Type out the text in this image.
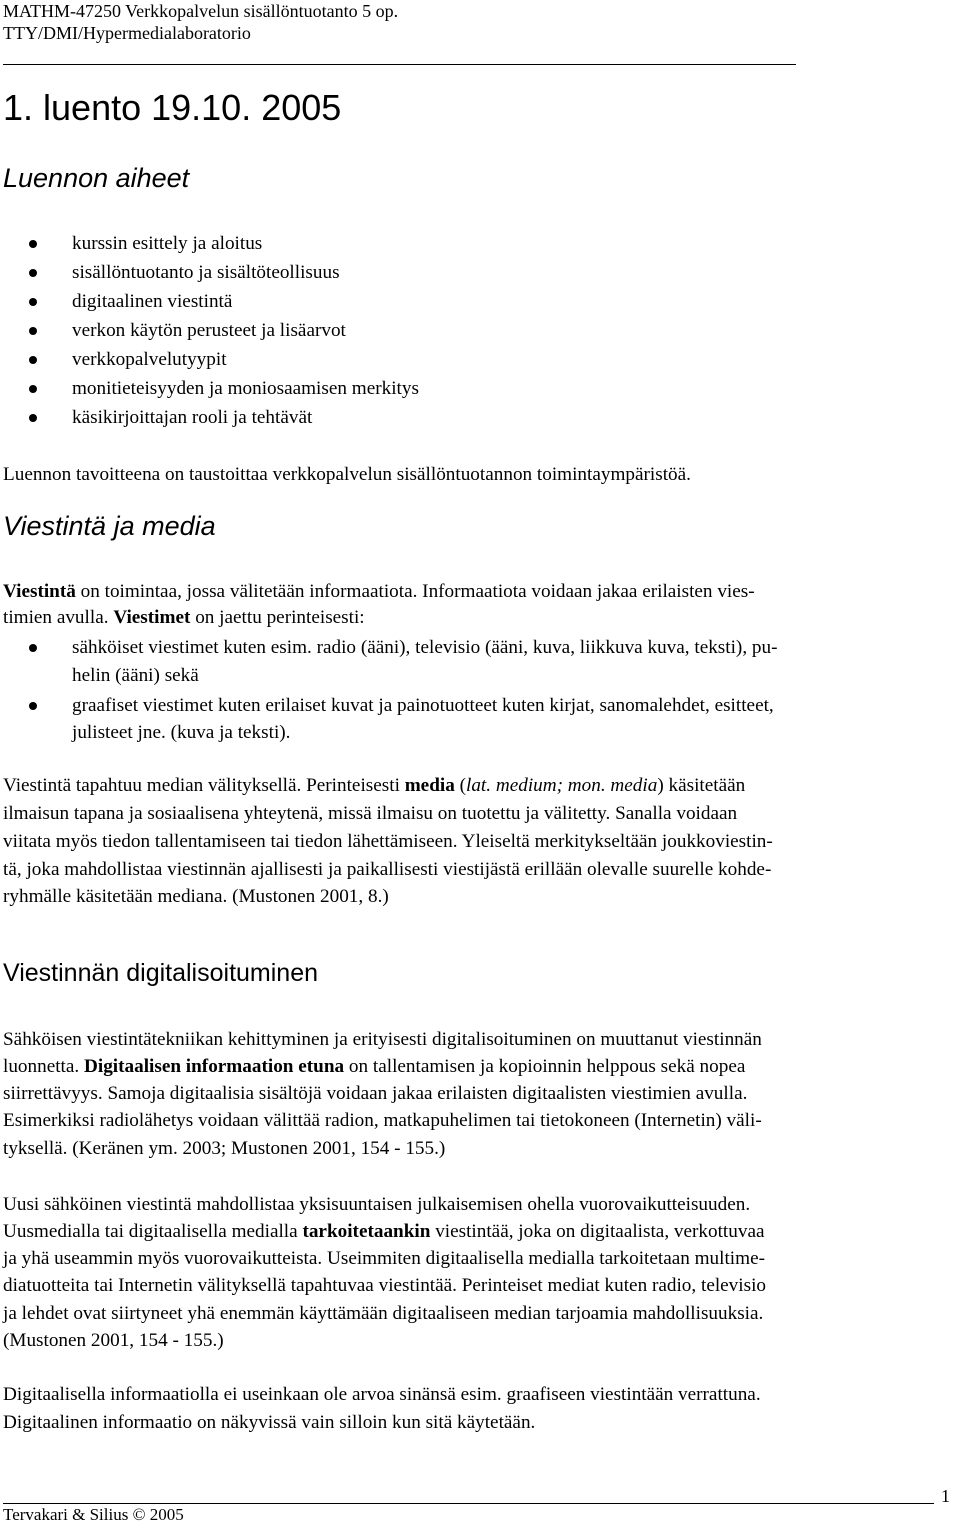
MATHM-47250 Verkkopalvelun sisällöntuotanto 5 op.
TTY/DMI/Hypermedialaboratorio
1. luento 19.10. 2005
Luennon aiheet
kurssin esittely ja aloitus
sisällöntuotanto ja sisältöteollisuus
digitaalinen viestintä
verkon käytön perusteet ja lisäarvot
verkkopalvelutyypit
monitieteisyyden ja moniosaamisen merkitys
käsikirjoittajan rooli ja tehtävät
Luennon tavoitteena on taustoittaa verkkopalvelun sisällöntuotannon toimintaympäristöä.
Viestintä ja media
Viestintä on toimintaa, jossa välitetään informaatiota. Informaatiota voidaan jakaa erilaisten vies-
timien avulla. Viestimet on jaettu perinteisesti:
sähköiset viestimet kuten esim. radio (ääni), televisio (ääni, kuva, liikkuva kuva, teksti), pu-
helin (ääni) sekä
graafiset viestimet kuten erilaiset kuvat ja painotuotteet kuten kirjat, sanomalehdet, esitteet,
julisteet jne. (kuva ja teksti).
Viestintä tapahtuu median välityksellä. Perinteisesti media (lat. medium; mon. media) käsitetään
ilmaisun tapana ja sosiaalisena yhteytenä, missä ilmaisu on tuotettu ja välitetty. Sanalla voidaan
viitata myös tiedon tallentamiseen tai tiedon lähettämiseen. Yleiseltä merkitykseltään joukkoviestin-
tä, joka mahdollistaa viestinnän ajallisesti ja paikallisesti viestijästä erillään olevalle suurelle kohde-
ryhmälle käsitetään mediana. (Mustonen 2001, 8.)
Viestinnän digitalisoituminen
Sähköisen viestintätekniikan kehittyminen ja erityisesti digitalisoituminen on muuttanut viestinnän
luonnetta. Digitaalisen informaation etuna on tallentamisen ja kopioinnin helppous sekä nopea
siirrettävyys. Samoja digitaalisia sisältöjä voidaan jakaa erilaisten digitaalisten viestimien avulla.
Esimerkiksi radiolähetys voidaan välittää radion, matkapuhelimen tai tietokoneen (Internetin) väli-
tyksellä. (Keränen ym. 2003; Mustonen 2001, 154 - 155.)
Uusi sähköinen viestintä mahdollistaa yksisuuntaisen julkaisemisen ohella vuorovaikutteisuuden.
Uusmedialla tai digitaalisella medialla tarkoitetaankin viestintää, joka on digitaalista, verkottuvaa
ja yhä useammin myös vuorovaikutteista. Useimmiten digitaalisella medialla tarkoitetaan multime-
diatuotteita tai Internetin välityksellä tapahtuvaa viestintää. Perinteiset mediat kuten radio, televisio
ja lehdet ovat siirtyneet yhä enemmän käyttämään digitaaliseen median tarjoamia mahdollisuuksia.
(Mustonen 2001, 154 - 155.)
Digitaalisella informaatiolla ei useinkaan ole arvoa sinänsä esim. graafiseen viestintään verrattuna.
Digitaalinen informaatio on näkyvissä vain silloin kun sitä käytetään.
1
Tervakari & Silius © 2005
